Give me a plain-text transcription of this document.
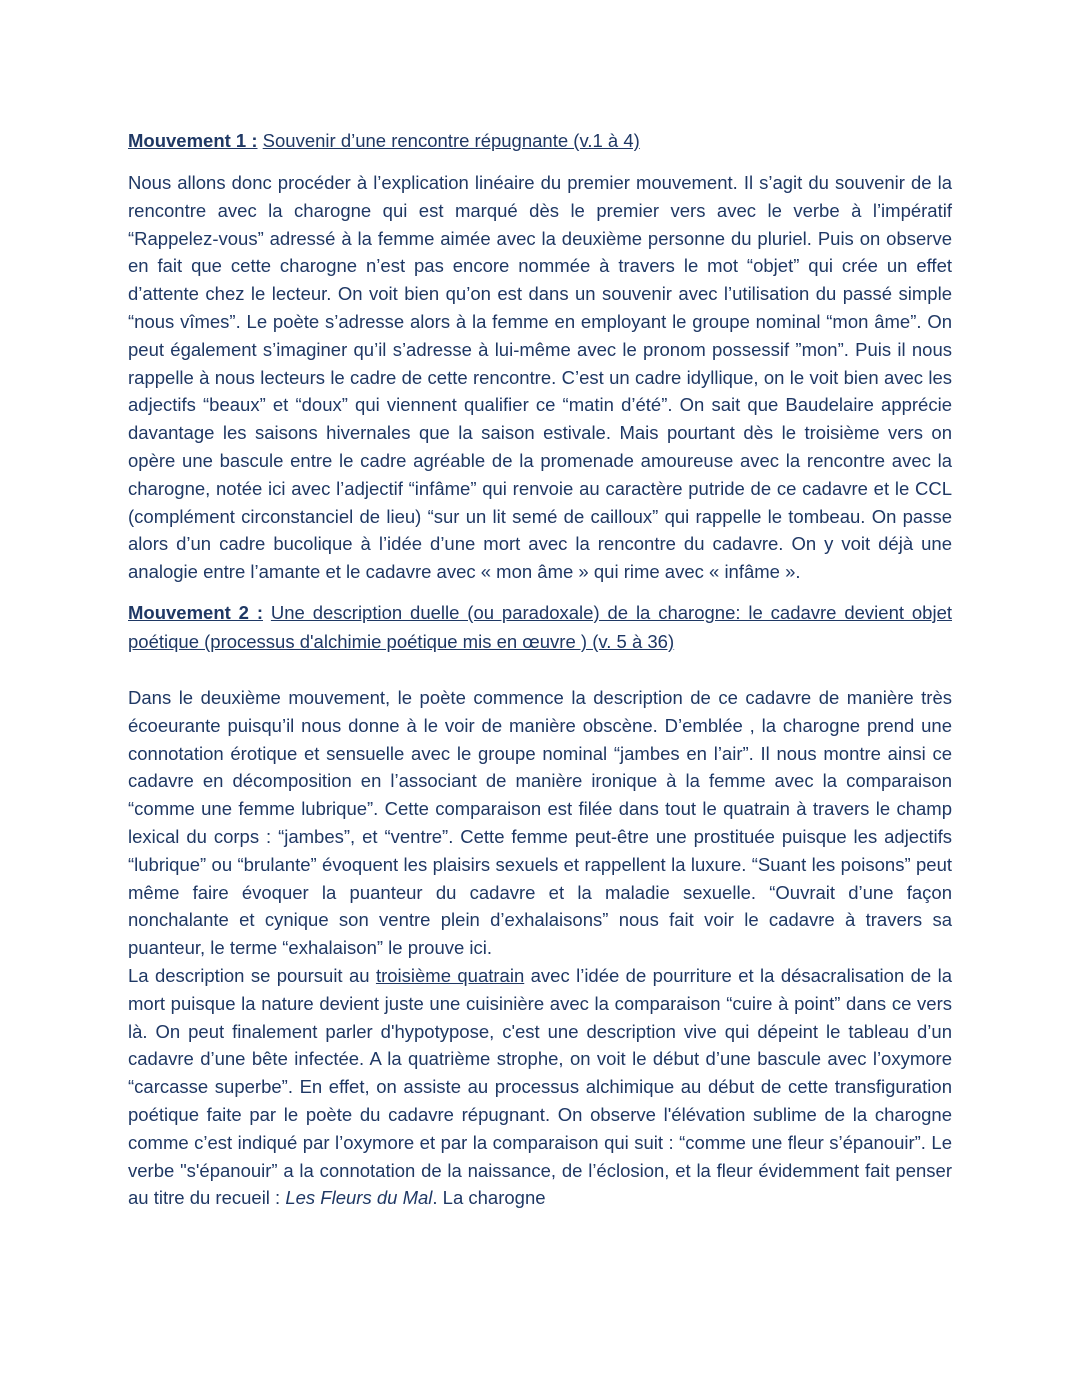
Mouvement 1 : Souvenir d’une rencontre répugnante (v.1 à 4)

Nous allons donc procéder à l’explication linéaire du premier mouvement. Il s’agit du souvenir de la rencontre avec la charogne qui est marqué dès le premier vers avec le verbe à l’impératif “Rappelez-vous” adressé à la femme aimée avec la deuxième personne du pluriel. Puis on observe en fait que cette charogne n’est pas encore nommée à travers le mot “objet” qui crée un effet d’attente chez le lecteur. On voit bien qu’on est dans un souvenir avec l’utilisation du passé simple “nous vîmes”. Le poète s’adresse alors à la femme en employant le groupe nominal “mon âme”. On peut également s’imaginer qu’il s’adresse à lui-même avec le pronom possessif ”mon”. Puis il nous rappelle à nous lecteurs le cadre de cette rencontre. C’est un cadre idyllique, on le voit bien avec les adjectifs “beaux” et “doux” qui viennent qualifier ce “matin d’été”. On sait que Baudelaire apprécie davantage les saisons hivernales que la saison estivale. Mais pourtant dès le troisième vers on opère une bascule entre le cadre agréable de la promenade amoureuse avec la rencontre avec la charogne, notée ici avec l’adjectif “infâme” qui renvoie au caractère putride de ce cadavre et le CCL (complément circonstanciel de lieu) “sur un lit semé de cailloux” qui rappelle le tombeau. On passe alors d’un cadre bucolique à l’idée d’une mort avec la rencontre du cadavre. On y voit déjà une analogie entre l’amante et le cadavre avec « mon âme » qui rime avec « infâme ».

Mouvement 2 : Une description duelle (ou paradoxale) de la charogne: le cadavre devient objet poétique (processus d'alchimie poétique mis en œuvre ) (v. 5 à 36)

Dans le deuxième mouvement, le poète commence la description de ce cadavre de manière très écoeurante puisqu’il nous donne à le voir de manière obscène. D’emblée , la charogne prend une connotation érotique et sensuelle avec le groupe nominal “jambes en l’air”. Il nous montre ainsi ce cadavre en décomposition en l’associant de manière ironique à la femme avec la comparaison “comme une femme lubrique”. Cette comparaison est filée dans tout le quatrain à travers le champ lexical du corps : “jambes”, et “ventre”. Cette femme peut-être une prostituée puisque les adjectifs “lubrique” ou “brulante” évoquent les plaisirs sexuels et rappellent la luxure. “Suant les poisons” peut même faire évoquer la puanteur du cadavre et la maladie sexuelle. “Ouvrait d’une façon nonchalante et cynique son ventre plein d’exhalaisons” nous fait voir le cadavre à travers sa puanteur, le terme “exhalaison” le prouve ici.

La description se poursuit au troisième quatrain avec l’idée de pourriture et la désacralisation de la mort puisque la nature devient juste une cuisinière avec la comparaison “cuire à point” dans ce vers là. On peut finalement parler d'hypotypose, c'est une description vive qui dépeint le tableau d’un cadavre d’une bête infectée. A la quatrième strophe, on voit le début d’une bascule avec l’oxymore “carcasse superbe”. En effet, on assiste au processus alchimique au début de cette transfiguration poétique faite par le poète du cadavre répugnant. On observe l'élévation sublime de la charogne comme c’est indiqué par l’oxymore et par la comparaison qui suit : “comme une fleur s’épanouir”. Le verbe "s'épanouir” a la connotation de la naissance, de l’éclosion, et la fleur évidemment fait penser au titre du recueil : Les Fleurs du Mal. La charogne
